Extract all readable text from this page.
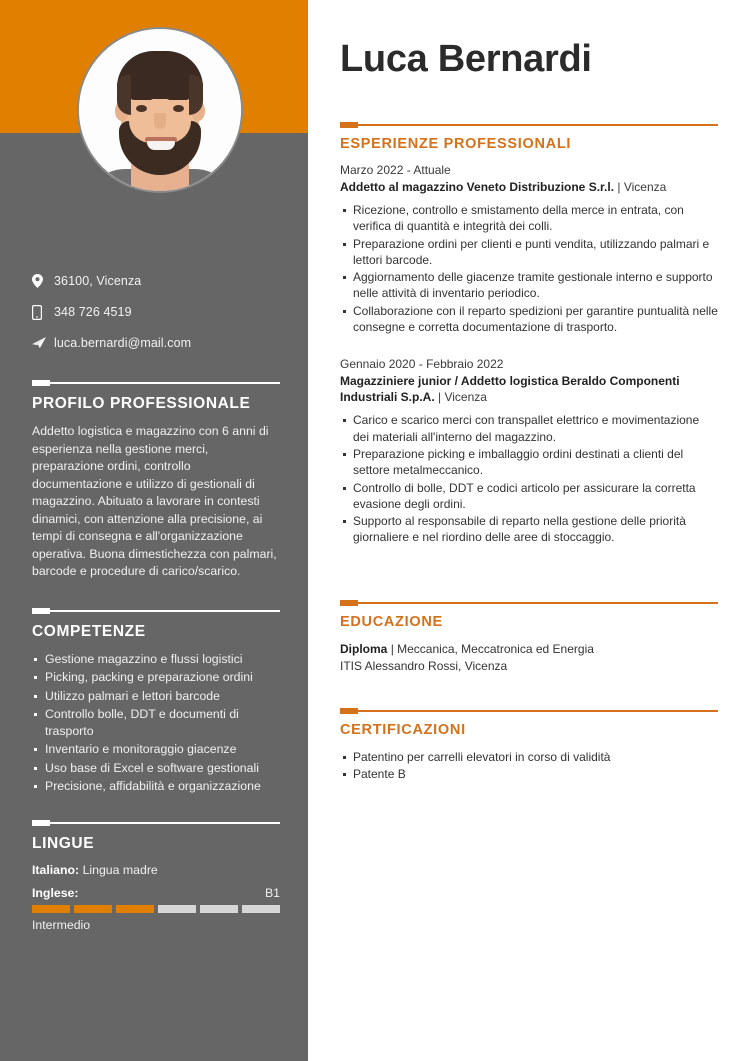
36100, Vicenza
348 726 4519
luca.bernardi@mail.com
PROFILO PROFESSIONALE

Addetto logistica e magazzino con 6 anni di esperienza nella gestione merci, preparazione ordini, controllo documentazione e utilizzo di gestionali di magazzino. Abituato a lavorare in contesti dinamici, con attenzione alla precisione, ai tempi di consegna e all'organizzazione operativa. Buona dimestichezza con palmari, barcode e procedure di carico/scarico.

COMPETENZE
Gestione magazzino e flussi logistici
Picking, packing e preparazione ordini
Utilizzo palmari e lettori barcode
Controllo bolle, DDT e documenti di trasporto
Inventario e monitoraggio giacenze
Uso base di Excel e software gestionali
Precisione, affidabilità e organizzazione
LINGUE
Italiano: Lingua madre
Inglese:	B1
Intermedio
Luca Bernardi
ESPERIENZE PROFESSIONALI
Marzo 2022 - Attuale
Addetto al magazzino Veneto Distribuzione S.r.l. | Vicenza
Ricezione, controllo e smistamento della merce in entrata, con verifica di quantità e integrità dei colli.
Preparazione ordini per clienti e punti vendita, utilizzando palmari e lettori barcode.
Aggiornamento delle giacenze tramite gestionale interno e supporto nelle attività di inventario periodico.
Collaborazione con il reparto spedizioni per garantire puntualità nelle consegne e corretta documentazione di trasporto.
Gennaio 2020 - Febbraio 2022
Magazziniere junior / Addetto logistica Beraldo Componenti Industriali S.p.A. | Vicenza
Carico e scarico merci con transpallet elettrico e movimentazione dei materiali all'interno del magazzino.
Preparazione picking e imballaggio ordini destinati a clienti del settore metalmeccanico.
Controllo di bolle, DDT e codici articolo per assicurare la corretta evasione degli ordini.
Supporto al responsabile di reparto nella gestione delle priorità giornaliere e nel riordino delle aree di stoccaggio.
EDUCAZIONE
Diploma | Meccanica, Meccatronica ed Energia
ITIS Alessandro Rossi, Vicenza
CERTIFICAZIONI
Patentino per carrelli elevatori in corso di validità
Patente B
